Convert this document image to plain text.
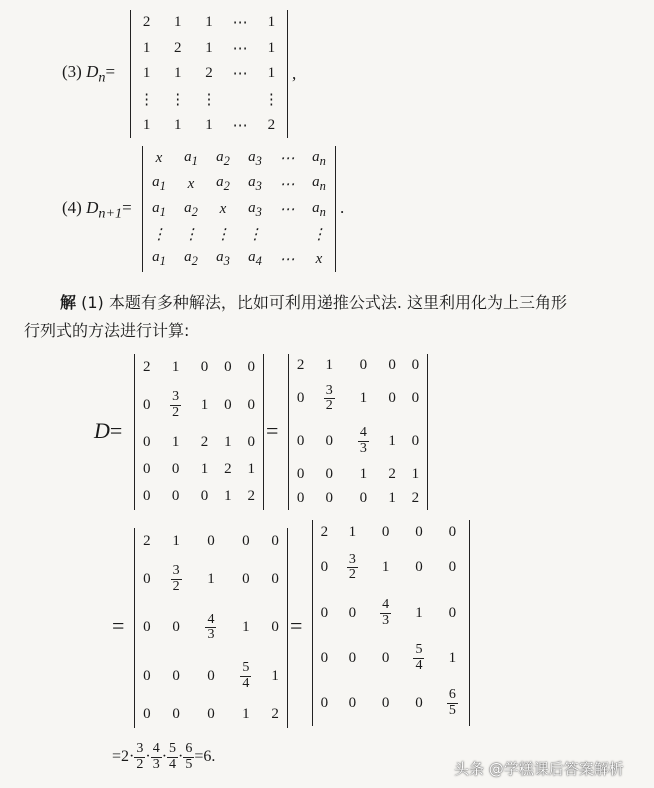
(3) $D_n=$
2	1	1	⋯	1
1	2	1	⋯	1
1	1	2	⋯	1
⋮	⋮	⋮		⋮
1	1	1	⋯	2
,
(4) $D_{n+1}=$
x	$a_1$	$a_2$	$a_3$	⋯	$a_n$
$a_1$	x	$a_2$	$a_3$	⋯	$a_n$
$a_1$	$a_2$	x	$a_3$	⋯	$a_n$
⋮	⋮	⋮	⋮		⋮
$a_1$	$a_2$	$a_3$	$a_4$	⋯	x
.
解 (1) 本题有多种解法，比如可利用递推公式法. 这里利用化为上三角形
行列式的方法进行计算:
D=
2	1	0	0	0
0	$\frac{3}{2}$	1	0	0
0	1	2	1	0
0	0	1	2	1
0	0	0	1	2
=
2	1	0	0	0
0	$\frac{3}{2}$	1	0	0
0	0	$\frac{4}{3}$	1	0
0	0	1	2	1
0	0	0	1	2
=
2	1	0	0	0
0	$\frac{3}{2}$	1	0	0
0	0	$\frac{4}{3}$	1	0
0	0	0	$\frac{5}{4}$	1
0	0	0	1	2
=
2	1	0	0	0
0	$\frac{3}{2}$	1	0	0
0	0	$\frac{4}{3}$	1	0
0	0	0	$\frac{5}{4}$	1
0	0	0	0	$\frac{6}{5}$
$=2\cdot \frac{3}{2} \cdot \frac{4}{3} \cdot \frac{5}{4} \cdot \frac{6}{5} =6$.
头条 @学糕课后答案解析
